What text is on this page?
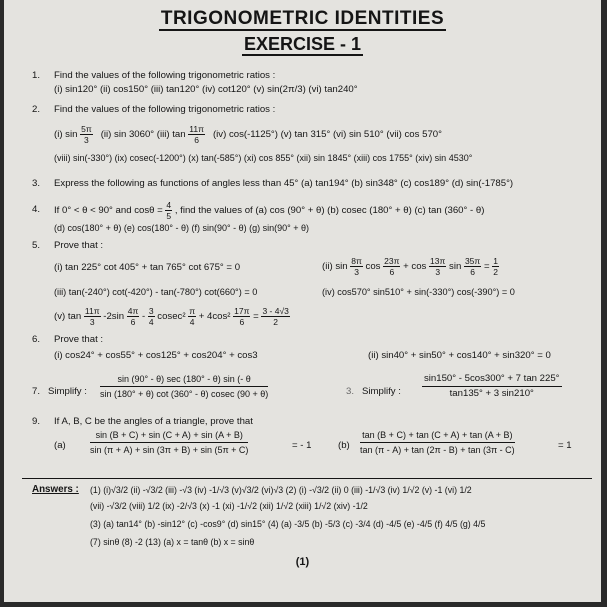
TRIGONOMETRIC IDENTITIES
EXERCISE - 1
1. Find the values of the following trigonometric ratios :
(i) sin120° (ii) cos150° (iii) tan120° (iv) cot120° (v) sin(2π/3) (vi) tan240°
2. Find the values of the following trigonometric ratios :
(i) $\sin \frac{5\pi}{3} (ii)$ sin 3060° (iii) $\tan \frac{11\pi}{6} (iv)$ cos(-1125°) (v) tan 315° (vi) sin 510° (vii) cos 570°
(viii) sin(-330°) (ix) cosec(-1200°) (x) tan(-585°) (xi) cos 855° (xii) sin 1845° (xiii) cos 1755° (xiv) sin 4530°
3. Express the following as functions of angles less than 45° (a) tan194° (b) sin348° (c) cos189° (d) sin(-1785°)
4. If 0° < θ < 90° and $\cos\theta = \frac{4}{5}$ , find the values of (a) cos (90° + θ) (b) cosec (180° + θ) (c) tan (360° - θ)
(d) cos(180° + θ) (e) cos(180° - θ) (f) sin(90° - θ) (g) sin(90° + θ)
5. Prove that :
(i) tan 225° cot 405° + tan 765° cot 675° = 0	(ii) $\sin \frac{8\pi}{3}$ $\cos \frac{23\pi}{6} + \cos \frac{13\pi}{3}$ $\sin \frac{35\pi}{6} = \frac{1}{2}$
(iii) tan(-240°) cot(-420°) - tan(-780°) cot(660°) = 0	(iv) cos570° sin510° + sin(-330°) cos(-390°) = 0
(v) $\tan \frac{11\pi}{3} -2\sin \frac{4\pi}{6} - \frac{3}{4} cosec^2 \frac{\pi}{4} + 4\cos^2 \frac{17\pi}{6} = \frac{3 - 4√3}{2}$
6. Prove that :
(i) cos24° + cos55° + cos125° + cos204° + cos3	(ii) sin40° + sin50° + cos140° + sin320° = 0
7. Simplify :
sin (90° - θ) sec (180° - θ) sin (- θ
sin (180° + θ) cot (360° - θ) cosec (90 + θ)	3. Simplify :
sin150° - 5cos300° + 7 tan 225°
tan135° + 3 sin210°
9. If A, B, C be the angles of a triangle, prove that
(a)
sin (B + C) + sin (C + A) + sin (A + B)
sin (π + A) + sin (3π + B) + sin (5π + C)	= - 1	(b)
tan (B + C) + tan (C + A) + tan (A + B)
tan (π - A) + tan (2π - B) + tan (3π - C)	= 1
Answers : (1) (i)√3/2 (ii) -√3/2 (iii) -√3 (iv) -1/√3 (v)√3/2 (vi)√3 (2) (i) -√3/2 (ii) 0 (iii) -1/√3 (iv) 1/√2 (v) -1 (vi) 1/2
(vii) -√3/2 (viii) 1/2 (ix) -2/√3 (x) -1 (xi) -1/√2 (xii) 1/√2 (xiii) 1/√2 (xiv) -1/2
(3) (a) tan14° (b) -sin12° (c) -cos9° (d) sin15° (4) (a) -3/5 (b) -5/3 (c) -3/4 (d) -4/5 (e) -4/5 (f) 4/5 (g) 4/5
(7) sinθ (8) -2 (13) (a) x = tanθ (b) x = sinθ
(1)
